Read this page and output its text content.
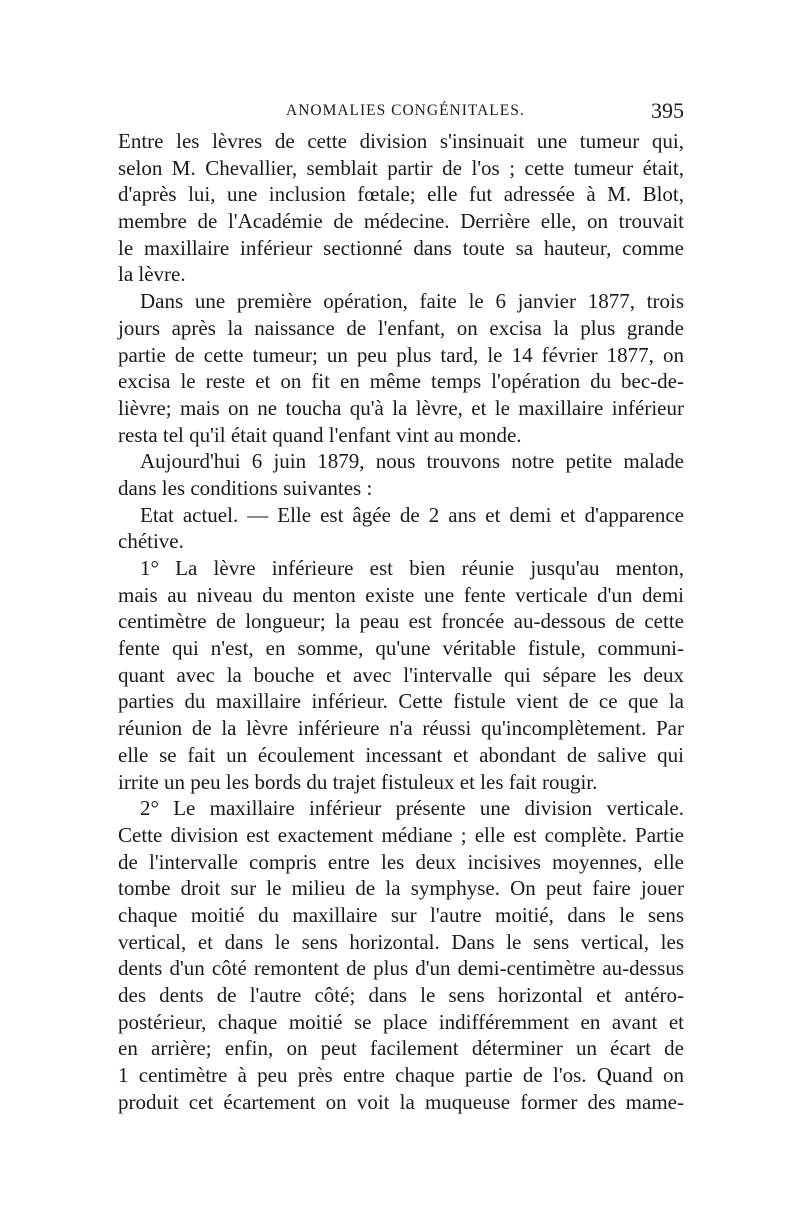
ANOMALIES CONGÉNITALES.	395
Entre les lèvres de cette division s'insinuait une tumeur qui,
selon M. Chevallier, semblait partir de l'os ; cette tumeur était,
d'après lui, une inclusion fœtale; elle fut adressée à M. Blot,
membre de l'Académie de médecine. Derrière elle, on trouvait
le maxillaire inférieur sectionné dans toute sa hauteur, comme
la lèvre.
Dans une première opération, faite le 6 janvier 1877, trois
jours après la naissance de l'enfant, on excisa la plus grande
partie de cette tumeur; un peu plus tard, le 14 février 1877, on
excisa le reste et on fit en même temps l'opération du bec-de-
lièvre; mais on ne toucha qu'à la lèvre, et le maxillaire inférieur
resta tel qu'il était quand l'enfant vint au monde.
Aujourd'hui 6 juin 1879, nous trouvons notre petite malade
dans les conditions suivantes :
Etat actuel. — Elle est âgée de 2 ans et demi et d'apparence
chétive.
1° La lèvre inférieure est bien réunie jusqu'au menton,
mais au niveau du menton existe une fente verticale d'un demi
centimètre de longueur; la peau est froncée au-dessous de cette
fente qui n'est, en somme, qu'une véritable fistule, communi-
quant avec la bouche et avec l'intervalle qui sépare les deux
parties du maxillaire inférieur. Cette fistule vient de ce que la
réunion de la lèvre inférieure n'a réussi qu'incomplètement. Par
elle se fait un écoulement incessant et abondant de salive qui
irrite un peu les bords du trajet fistuleux et les fait rougir.
2° Le maxillaire inférieur présente une division verticale.
Cette division est exactement médiane ; elle est complète. Partie
de l'intervalle compris entre les deux incisives moyennes, elle
tombe droit sur le milieu de la symphyse. On peut faire jouer
chaque moitié du maxillaire sur l'autre moitié, dans le sens
vertical, et dans le sens horizontal. Dans le sens vertical, les
dents d'un côté remontent de plus d'un demi-centimètre au-dessus
des dents de l'autre côté; dans le sens horizontal et antéro-
postérieur, chaque moitié se place indifféremment en avant et
en arrière; enfin, on peut facilement déterminer un écart de
1 centimètre à peu près entre chaque partie de l'os. Quand on
produit cet écartement on voit la muqueuse former des mame-
